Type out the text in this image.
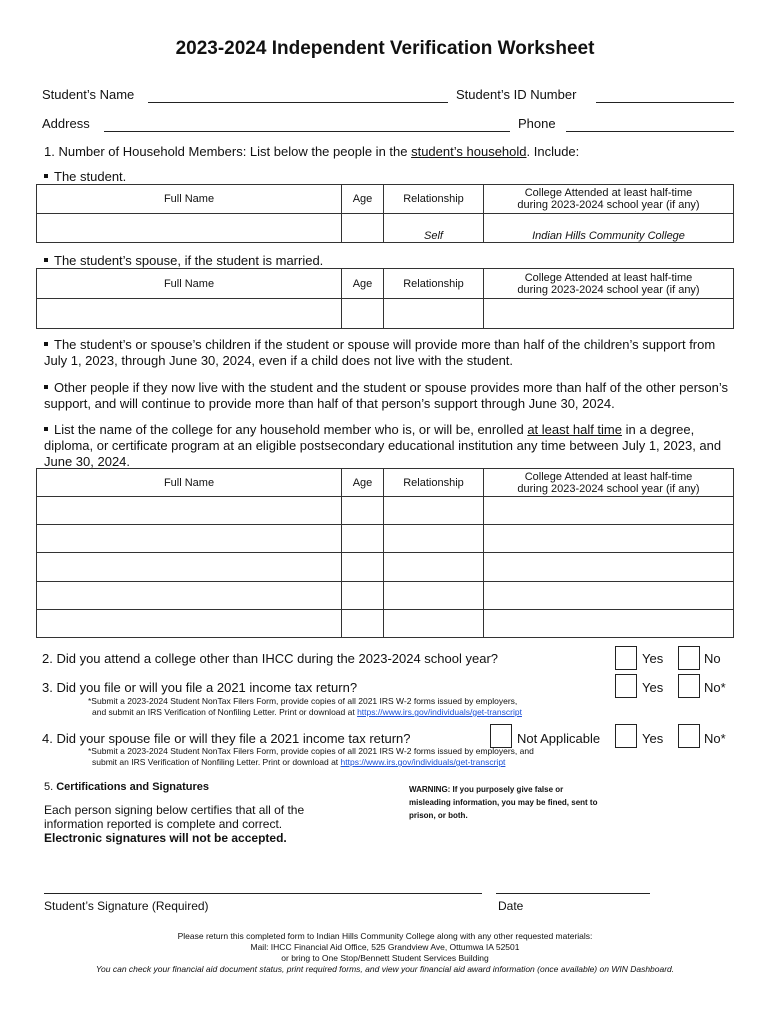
2023-2024 Independent Verification Worksheet
Student’s Name	Student’s ID Number
Address	Phone
1. Number of Household Members: List below the people in the student’s household. Include:
The student.
Full Name	Age	Relationship	College Attended at least half-time
during 2023-2024 school year (if any)
		Self	Indian Hills Community College
The student’s spouse, if the student is married.
Full Name	Age	Relationship	College Attended at least half-time
during 2023-2024 school year (if any)

The student’s or spouse’s children if the student or spouse will provide more than half of the children’s support from July 1, 2023, through June 30, 2024, even if a child does not live with the student.
Other people if they now live with the student and the student or spouse provides more than half of the other person’s support, and will continue to provide more than half of that person’s support through June 30, 2024.
List the name of the college for any household member who is, or will be, enrolled at least half time in a degree, diploma, or certificate program at an eligible postsecondary educational institution any time between July 1, 2023, and June 30, 2024.
Full Name	Age	Relationship	College Attended at least half-time
during 2023-2024 school year (if any)

2. Did you attend a college other than IHCC during the 2023-2024 school year?	Yes	No
3. Did you file or will you file a 2021 income tax return?	Yes	No*
*Submit a 2023-2024 Student NonTax Filers Form, provide copies of all 2021 IRS W-2 forms issued by employers,
and submit an IRS Verification of Nonfiling Letter. Print or download at https://www.irs.gov/individuals/get-transcript
4. Did your spouse file or will they file a 2021 income tax return?	Not Applicable	Yes	No*
*Submit a 2023-2024 Student NonTax Filers Form, provide copies of all 2021 IRS W-2 forms issued by employers, and
submit an IRS Verification of Nonfiling Letter. Print or download at https://www.irs.gov/individuals/get-transcript
5. Certifications and Signatures
Each person signing below certifies that all of the
information reported is complete and correct.
Electronic signatures will not be accepted.
WARNING: If you purposely give false or
misleading information, you may be fined, sent to
prison, or both.
Student’s Signature (Required)	Date
Please return this completed form to Indian Hills Community College along with any other requested materials:
Mail: IHCC Financial Aid Office, 525 Grandview Ave, Ottumwa IA 52501
or bring to One Stop/Bennett Student Services Building
You can check your financial aid document status, print required forms, and view your financial aid award information (once available) on WIN Dashboard.
